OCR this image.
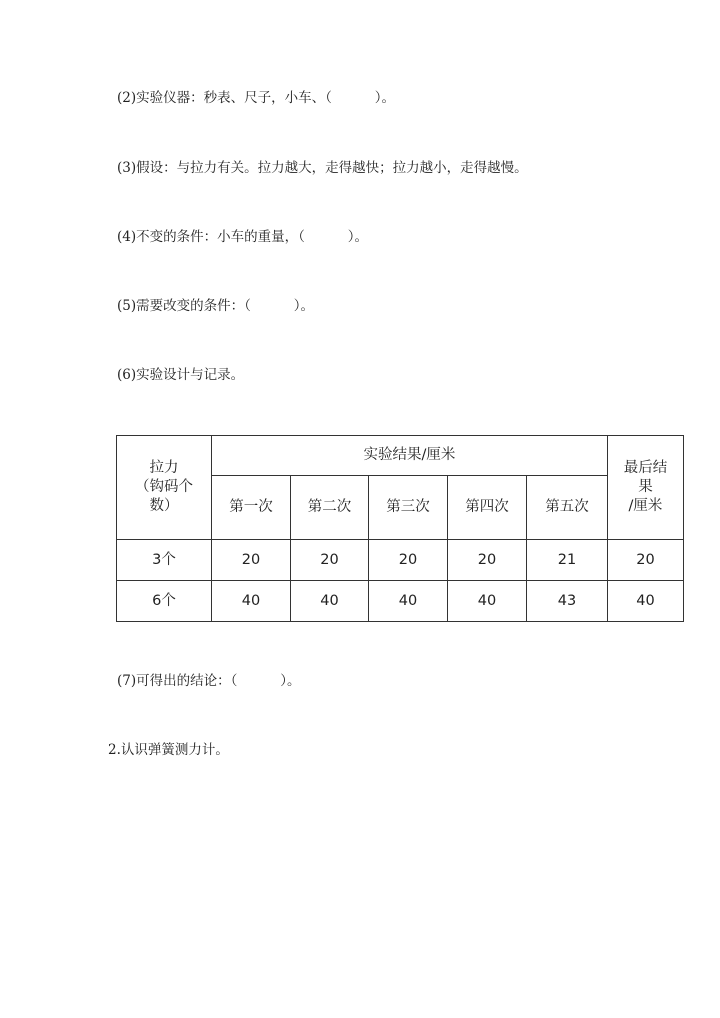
(2)实验仪器：秒表、尺子，小车、（          ）。
(3)假设：与拉力有关。拉力越大，走得越快；拉力越小，走得越慢。
(4)不变的条件：小车的重量，（          ）。
(5)需要改变的条件：（          ）。
(6)实验设计与记录。
拉力
（钩码个
数）	实验结果/厘米					最后结
果
/厘米
	第一次	第二次	第三次	第四次	第五次	
3个	20	20	20	20	21	20
6个	40	40	40	40	43	40
(7)可得出的结论：（          ）。
2.认识弹簧测力计。
